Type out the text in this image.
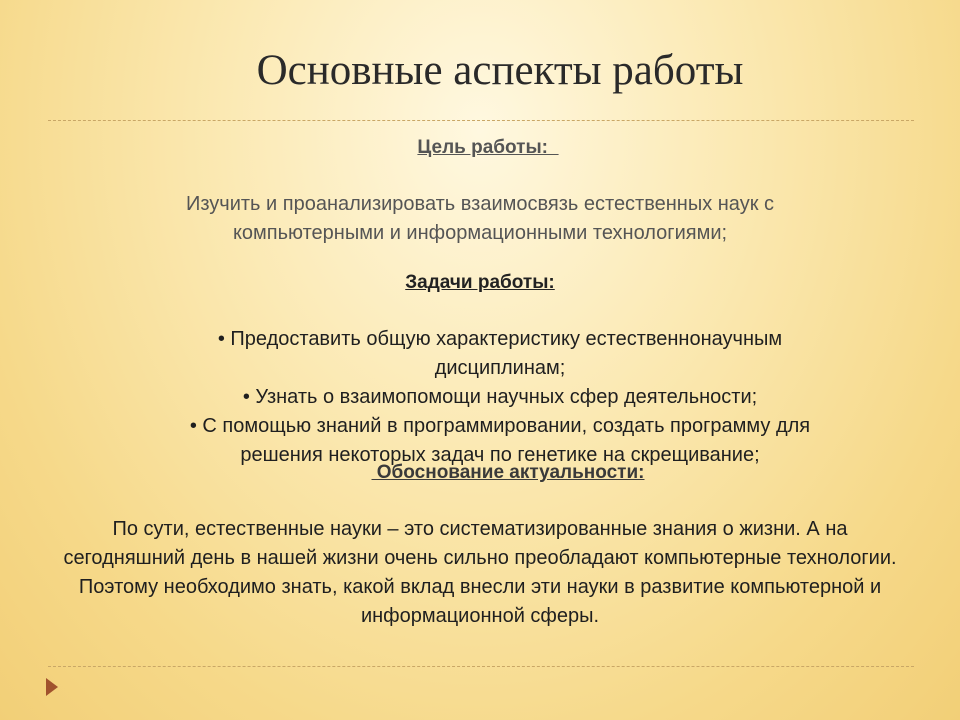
Основные аспекты работы
Цель работы:

Изучить и проанализировать взаимосвязь естественных наук с компьютерными и информационными технологиями;

Задачи работы:
• Предоставить общую характеристику естественнонаучным дисциплинам;
• Узнать о взаимопомощи научных сфер деятельности;
• С помощью знаний в программировании, создать программу для решения некоторых задач по генетике на скрещивание;
Обоснование актуальности:

По сути, естественные науки – это систематизированные знания о жизни. А на сегодняшний день в нашей жизни очень сильно преобладают компьютерные технологии. Поэтому необходимо знать, какой вклад внесли эти науки в развитие компьютерной и информационной сферы.
